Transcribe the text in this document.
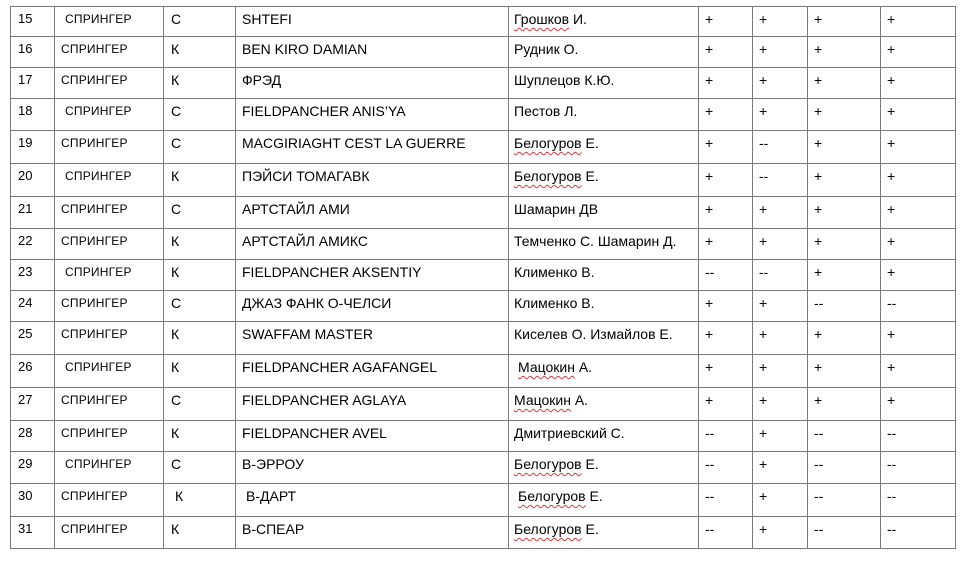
15	СПРИНГЕР	С	SHTEFI	Грошков И.	+	+	+	+

16	СПРИНГЕР	К	BEN KIRO DAMIAN	Рудник О.	+	+	+	+

17	СПРИНГЕР	К	ФРЭД	Шуплецов К.Ю.	+	+	+	+

18	СПРИНГЕР	С	FIELDPANCHER ANIS’YA	Пестов Л.	+	+	+	+

19	СПРИНГЕР	С	MACGIRIAGHT CEST LA GUERRE	Белогуров Е.	+	--	+	+

20	СПРИНГЕР	К	ПЭЙСИ ТОМАГАВК	Белогуров Е.	+	--	+	+

21	СПРИНГЕР	С	АРТСТАЙЛ АМИ	Шамарин ДВ	+	+	+	+

22	СПРИНГЕР	К	АРТСТАЙЛ АМИКС	Темченко С. Шамарин Д.	+	+	+	+

23	СПРИНГЕР	К	FIELDPANCHER AKSENTIY	Клименко В.	--	--	+	+

24	СПРИНГЕР	С	ДЖАЗ ФАНК О-ЧЕЛСИ	Клименко В.	+	+	--	--

25	СПРИНГЕР	К	SWAFFAM MASTER	Киселев О. Измайлов Е.	+	+	+	+

26	СПРИНГЕР	К	FIELDPANCHER AGAFANGEL	Мацокин А.	+	+	+	+

27	СПРИНГЕР	С	FIELDPANCHER AGLAYA	Мацокин А.	+	+	+	+

28	СПРИНГЕР	К	FIELDPANCHER AVEL	Дмитриевский С.	--	+	--	--

29	СПРИНГЕР	С	В-ЭРРОУ	Белогуров Е.	--	+	--	--

30	СПРИНГЕР	К	В-ДАРТ	Белогуров Е.	--	+	--	--

31	СПРИНГЕР	К	В-СПЕАР	Белогуров Е.	--	+	--	--
